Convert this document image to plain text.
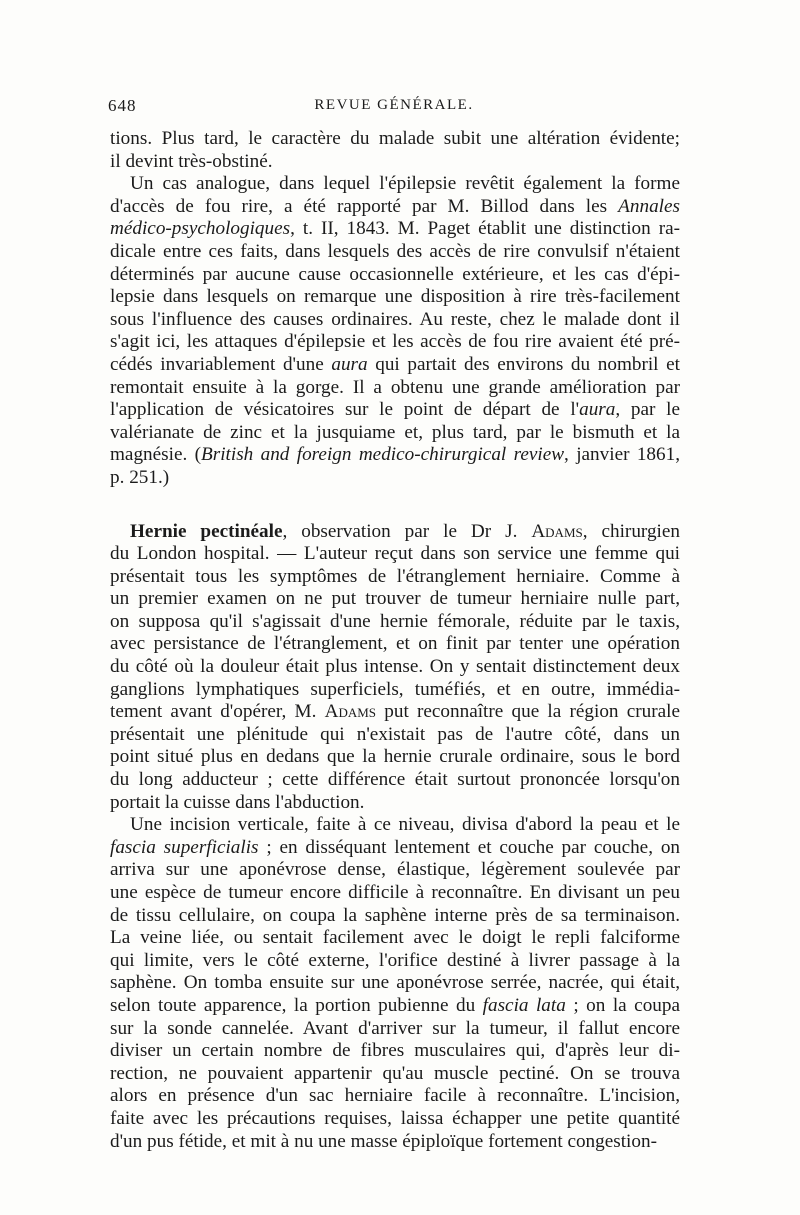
648	REVUE GÉNÉRALE.

tions. Plus tard, le caractère du malade subit une altération évidente;
il devint très-obstiné.

Un cas analogue, dans lequel l'épilepsie revêtit également la forme
d'accès de fou rire, a été rapporté par M. Billod dans les Annales
médico-psychologiques, t. II, 1843. M. Paget établit une distinction ra-
dicale entre ces faits, dans lesquels des accès de rire convulsif n'étaient
déterminés par aucune cause occasionnelle extérieure, et les cas d'épi-
lepsie dans lesquels on remarque une disposition à rire très-facilement
sous l'influence des causes ordinaires. Au reste, chez le malade dont il
s'agit ici, les attaques d'épilepsie et les accès de fou rire avaient été pré-
cédés invariablement d'une aura qui partait des environs du nombril et
remontait ensuite à la gorge. Il a obtenu une grande amélioration par
l'application de vésicatoires sur le point de départ de l'aura, par le
valérianate de zinc et la jusquiame et, plus tard, par le bismuth et la
magnésie. (British and foreign medico-chirurgical review, janvier 1861,
p. 251.)

Hernie pectinéale, observation par le Dr J. Adams, chirurgien
du London hospital. — L'auteur reçut dans son service une femme qui
présentait tous les symptômes de l'étranglement herniaire. Comme à
un premier examen on ne put trouver de tumeur herniaire nulle part,
on supposa qu'il s'agissait d'une hernie fémorale, réduite par le taxis,
avec persistance de l'étranglement, et on finit par tenter une opération
du côté où la douleur était plus intense. On y sentait distinctement deux
ganglions lymphatiques superficiels, tuméfiés, et en outre, immédia-
tement avant d'opérer, M. Adams put reconnaître que la région crurale
présentait une plénitude qui n'existait pas de l'autre côté, dans un
point situé plus en dedans que la hernie crurale ordinaire, sous le bord
du long adducteur ; cette différence était surtout prononcée lorsqu'on
portait la cuisse dans l'abduction.

Une incision verticale, faite à ce niveau, divisa d'abord la peau et le
fascia superficialis ; en disséquant lentement et couche par couche, on
arriva sur une aponévrose dense, élastique, légèrement soulevée par
une espèce de tumeur encore difficile à reconnaître. En divisant un peu
de tissu cellulaire, on coupa la saphène interne près de sa terminaison.
La veine liée, ou sentait facilement avec le doigt le repli falciforme
qui limite, vers le côté externe, l'orifice destiné à livrer passage à la
saphène. On tomba ensuite sur une aponévrose serrée, nacrée, qui était,
selon toute apparence, la portion pubienne du fascia lata ; on la coupa
sur la sonde cannelée. Avant d'arriver sur la tumeur, il fallut encore
diviser un certain nombre de fibres musculaires qui, d'après leur di-
rection, ne pouvaient appartenir qu'au muscle pectiné. On se trouva
alors en présence d'un sac herniaire facile à reconnaître. L'incision,
faite avec les précautions requises, laissa échapper une petite quantité
d'un pus fétide, et mit à nu une masse épiploïque fortement congestion-
